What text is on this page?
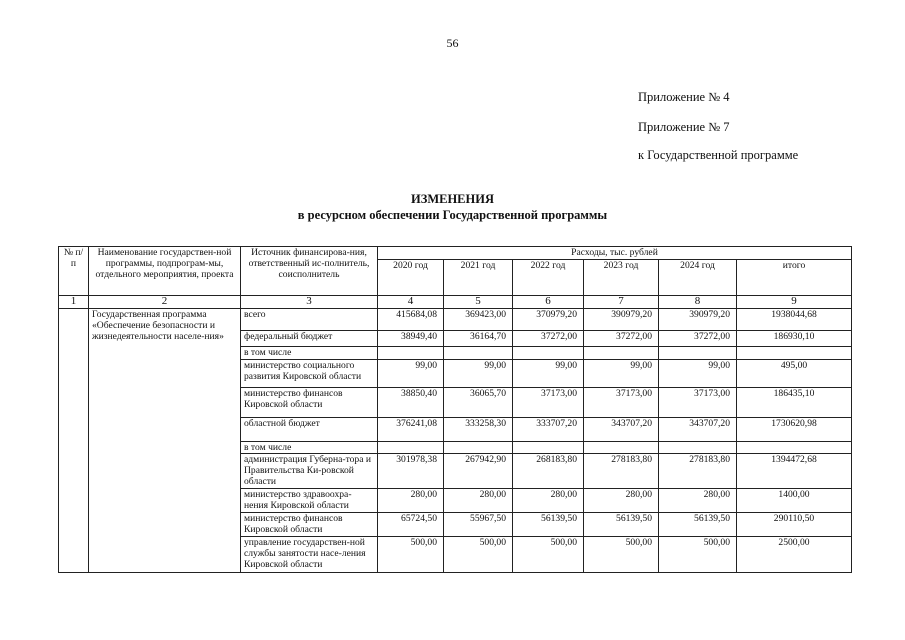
56
Приложение № 4
Приложение № 7
к Государственной программе
ИЗМЕНЕНИЯ
в ресурсном обеспечении Государственной программы
№ п/п	Наименование государствен-ной программы, подпрограм-мы, отдельного мероприятия, проекта	Источник финансирова-ния, ответственный ис-полнитель, соисполнитель	Расходы, тыс. рублей					
			2020 год	2021 год	2022 год	2023 год	2024 год	итого
1	2	3	4	5	6	7	8	9
	Государственная программа «Обеспечение безопасности и жизнедеятельности населе-ния»	всего	415684,08	369423,00	370979,20	390979,20	390979,20	1938044,68
		федеральный бюджет	38949,40	36164,70	37272,00	37272,00	37272,00	186930,10
		в том числе						
		министерство социального развития Кировской области	99,00	99,00	99,00	99,00	99,00	495,00
		министерство финансов Кировской области	38850,40	36065,70	37173,00	37173,00	37173,00	186435,10
		областной бюджет	376241,08	333258,30	333707,20	343707,20	343707,20	1730620,98
		в том числе						
		администрация Губерна-тора и Правительства Ки-ровской области	301978,38	267942,90	268183,80	278183,80	278183,80	1394472,68
		министерство здравоохра-нения Кировской области	280,00	280,00	280,00	280,00	280,00	1400,00
		министерство финансов Кировской области	65724,50	55967,50	56139,50	56139,50	56139,50	290110,50
		управление государствен-ной службы занятости насе-ления Кировской области	500,00	500,00	500,00	500,00	500,00	2500,00
